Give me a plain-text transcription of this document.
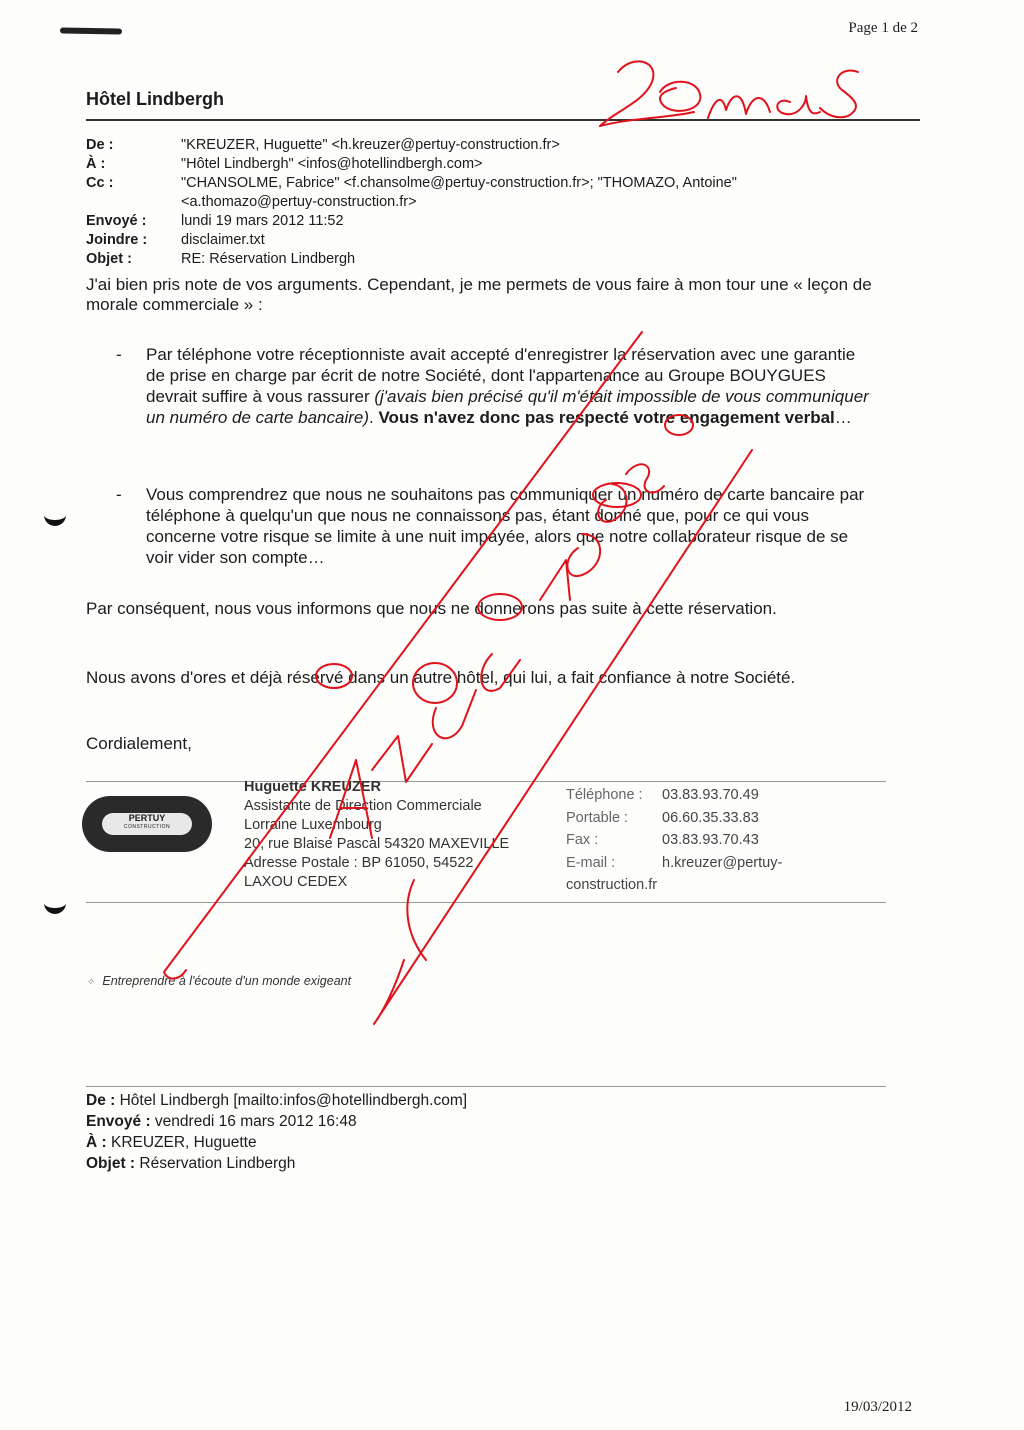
Page 1 de 2
Hôtel Lindbergh
De :	"KREUZER, Huguette" <h.kreuzer@pertuy-construction.fr>
À :	"Hôtel Lindbergh" <infos@hotellindbergh.com>
Cc :	"CHANSOLME, Fabrice" <f.chansolme@pertuy-construction.fr>; "THOMAZO, Antoine"
<a.thomazo@pertuy-construction.fr>
Envoyé : lundi 19 mars 2012 11:52
Joindre : disclaimer.txt
Objet :	RE: Réservation Lindbergh
J'ai bien pris note de vos arguments. Cependant, je me permets de vous faire à mon tour une « leçon de morale commerciale » :
- Par téléphone votre réceptionniste avait accepté d'enregistrer la réservation avec une garantie de prise en charge par écrit de notre Société, dont l'appartenance au Groupe BOUYGUES devrait suffire à vous rassurer (j'avais bien précisé qu'il m'était impossible de vous communiquer un numéro de carte bancaire). Vous n'avez donc pas respecté votre engagement verbal…
- Vous comprendrez que nous ne souhaitons pas communiquer un numéro de carte bancaire par téléphone à quelqu'un que nous ne connaissons pas, étant donné que, pour ce qui vous concerne votre risque se limite à une nuit impayée, alors que notre collaborateur risque de se voir vider son compte…
Par conséquent, nous vous informons que nous ne donnerons pas suite à cette réservation.
Nous avons d'ores et déjà réservé dans un autre hôtel, qui lui, a fait confiance à notre Société.
Cordialement,
PERTUY
CONSTRUCTION
Huguette KREUZER
Assistante de Direction Commerciale
Lorraine Luxembourg
20, rue Blaise Pascal 54320 MAXEVILLE
Adresse Postale : BP 61050, 54522
LAXOU CEDEX
Téléphone : 03.83.93.70.49
Portable : 06.60.35.33.83
Fax :	03.83.93.70.43
E-mail :	h.kreuzer@pertuy-
construction.fr
✧ Entreprendre à l'écoute d'un monde exigeant
De : Hôtel Lindbergh [mailto:infos@hotellindbergh.com]
Envoyé : vendredi 16 mars 2012 16:48
À : KREUZER, Huguette
Objet : Réservation Lindbergh
19/03/2012
